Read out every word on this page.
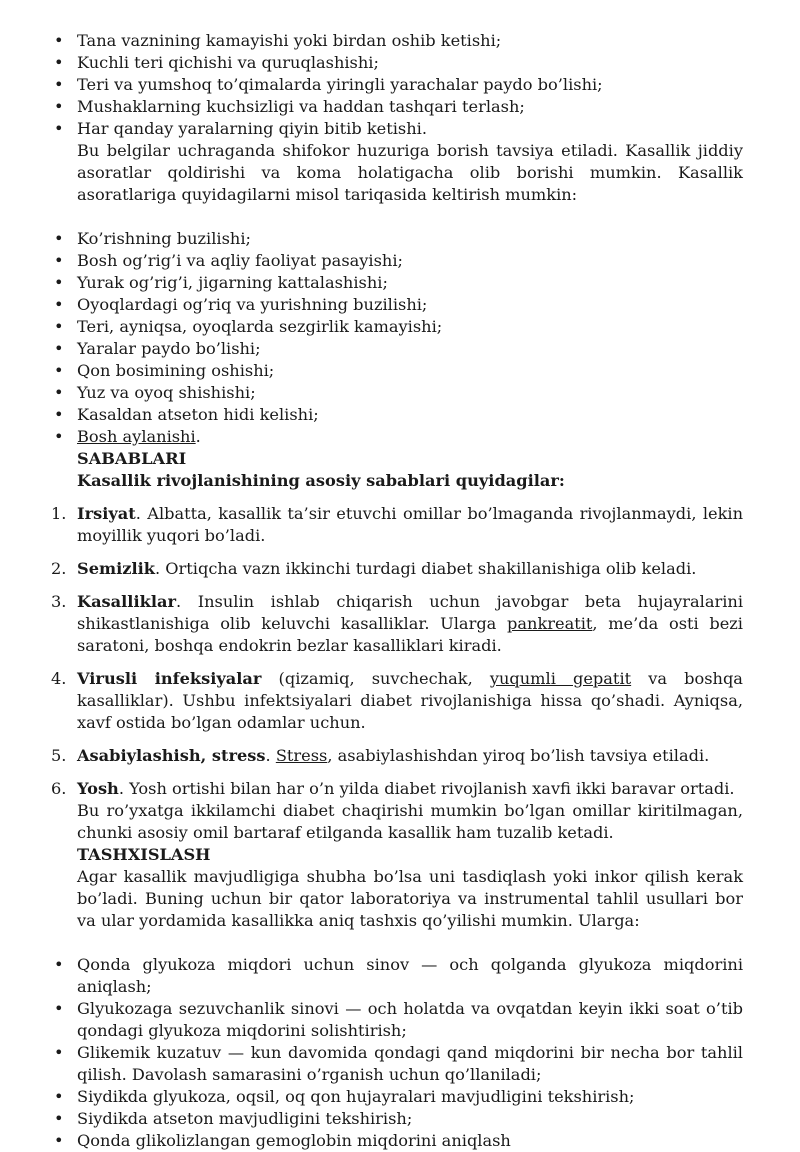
• Tana vaznining kamayishi yoki birdan oshib ketishi;
• Kuchli teri qichishi va quruqlashishi;
• Teri va yumshoq to’qimalarda yiringli yarachalar paydo bo’lishi;
• Mushaklarning kuchsizligi va haddan tashqari terlash;
• Har qanday yaralarning qiyin bitib ketishi.
Bu belgilar uchraganda shifokor huzuriga borish tavsiya etiladi. Kasallik jiddiy asoratlar qoldirishi va koma holatigacha olib borishi mumkin. Kasallik asoratlariga quyidagilarni misol tariqasida keltirish mumkin:
• Ko’rishning buzilishi;
• Bosh og’rig’i va aqliy faoliyat pasayishi;
• Yurak og’rig’i, jigarning kattalashishi;
• Oyoqlardagi og’riq va yurishning buzilishi;
• Teri, ayniqsa, oyoqlarda sezgirlik kamayishi;
• Yaralar paydo bo’lishi;
• Qon bosimining oshishi;
• Yuz va oyoq shishishi;
• Kasaldan atseton hidi kelishi;
• Bosh aylanishi.
SABABLARI
Kasallik rivojlanishining asosiy sabablari quyidagilar:
1. Irsiyat. Albatta, kasallik ta’sir etuvchi omillar bo’lmaganda rivojlanmaydi, lekin moyillik yuqori bo’ladi.
2. Semizlik. Ortiqcha vazn ikkinchi turdagi diabet shakillanishiga olib keladi.
3. Kasalliklar. Insulin ishlab chiqarish uchun javobgar beta hujayralarini shikastlanishiga olib keluvchi kasalliklar. Ularga pankreatit, me’da osti bezi saratoni, boshqa endokrin bezlar kasalliklari kiradi.
4. Virusli infeksiyalar (qizamiq, suvchechak, yuqumli gepatit va boshqa kasalliklar). Ushbu infektsiyalari diabet rivojlanishiga hissa qo’shadi. Ayniqsa, xavf ostida bo’lgan odamlar uchun.
5. Asabiylashish, stress. Stress, asabiylashishdan yiroq bo’lish tavsiya etiladi.
6. Yosh. Yosh ortishi bilan har o’n yilda diabet rivojlanish xavfi ikki baravar ortadi.
Bu ro’yxatga ikkilamchi diabet chaqirishi mumkin bo’lgan omillar kiritilmagan, chunki asosiy omil bartaraf etilganda kasallik ham tuzalib ketadi.
TASHXISLASH
Agar kasallik mavjudligiga shubha bo’lsa uni tasdiqlash yoki inkor qilish kerak bo’ladi. Buning uchun bir qator laboratoriya va instrumental tahlil usullari bor va ular yordamida kasallikka aniq tashxis qo’yilishi mumkin. Ularga:
• Qonda glyukoza miqdori uchun sinov — och qolganda glyukoza miqdorini aniqlash;
• Glyukozaga sezuvchanlik sinovi — och holatda va ovqatdan keyin ikki soat o’tib qondagi glyukoza miqdorini solishtirish;
• Glikemik kuzatuv — kun davomida qondagi qand miqdorini bir necha bor tahlil qilish. Davolash samarasini o’rganish uchun qo’llaniladi;
• Siydikda glyukoza, oqsil, oq qon hujayralari mavjudligini tekshirish;
• Siydikda atseton mavjudligini tekshirish;
• Qonda glikolizlangan gemoglobin miqdorini aniqlash
